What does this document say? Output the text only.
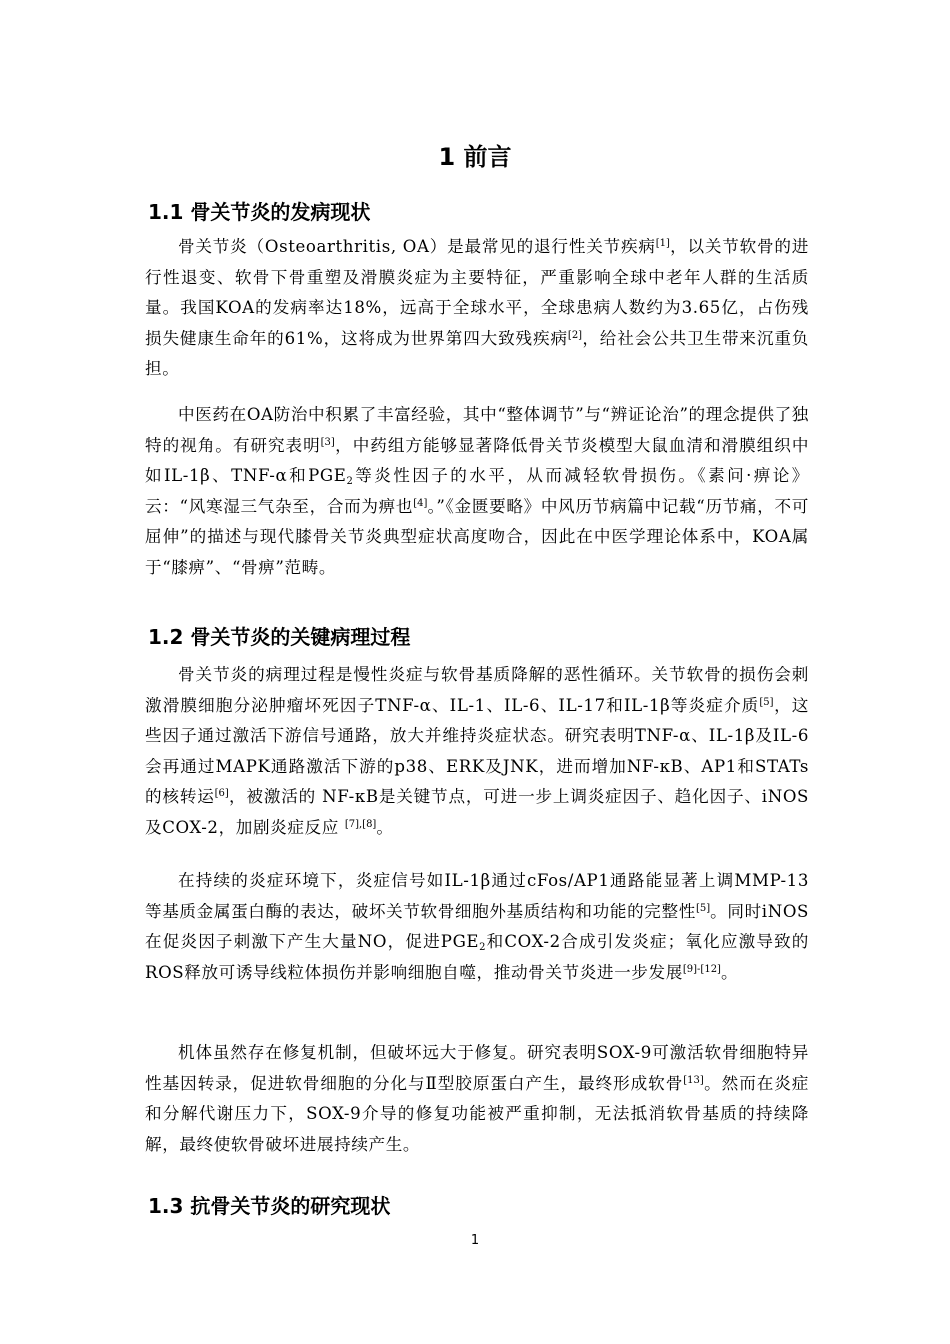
1 前言
1.1 骨关节炎的发病现状
骨关节炎（Osteoarthritis, OA）是最常见的退行性关节疾病[1]，以关节软骨的进行性退变、软骨下骨重塑及滑膜炎症为主要特征，严重影响全球中老年人群的生活质量。我国KOA的发病率达18%，远高于全球水平，全球患病人数约为3.65亿，占伤残损失健康生命年的61%，这将成为世界第四大致残疾病[2]，给社会公共卫生带来沉重负担。
中医药在OA防治中积累了丰富经验，其中“整体调节”与“辨证论治”的理念提供了独特的视角。有研究表明[3]，中药组方能够显著降低骨关节炎模型大鼠血清和滑膜组织中如IL-1β、TNF-α和$PGE_2$等炎性因子的水平，从而减轻软骨损伤。《素问·痹论》云：“风寒湿三气杂至，合而为痹也[4]。”《金匮要略》中风历节病篇中记载“历节痛，不可屈伸”的描述与现代膝骨关节炎典型症状高度吻合，因此在中医学理论体系中，KOA属于“膝痹”、“骨痹”范畴。
1.2 骨关节炎的关键病理过程
骨关节炎的病理过程是慢性炎症与软骨基质降解的恶性循环。关节软骨的损伤会刺激滑膜细胞分泌肿瘤坏死因子TNF-α、IL-1、IL-6、IL-17和IL-1β等炎症介质[5]，这些因子通过激活下游信号通路，放大并维持炎症状态。研究表明TNF-α、IL-1β及IL-6会再通过MAPK通路激活下游的p38、ERK及JNK，进而增加NF-κB、AP1和STATs的核转运[6]，被激活的 NF-κB是关键节点，可进一步上调炎症因子、趋化因子、iNOS及COX-2，加剧炎症反应 [7],[8]。
在持续的炎症环境下，炎症信号如IL-1β通过cFos/AP1通路能显著上调MMP-13等基质金属蛋白酶的表达，破坏关节软骨细胞外基质结构和功能的完整性[5]。同时iNOS在促炎因子刺激下产生大量NO，促进$PGE_2$和COX-2合成引发炎症；氧化应激导致的ROS释放可诱导线粒体损伤并影响细胞自噬，推动骨关节炎进一步发展[9]-[12]。
机体虽然存在修复机制，但破坏远大于修复。研究表明SOX-9可激活软骨细胞特异性基因转录，促进软骨细胞的分化与Ⅱ型胶原蛋白产生，最终形成软骨[13]。然而在炎症和分解代谢压力下，SOX-9介导的修复功能被严重抑制，无法抵消软骨基质的持续降解，最终使软骨破坏进展持续产生。
1.3 抗骨关节炎的研究现状
1
